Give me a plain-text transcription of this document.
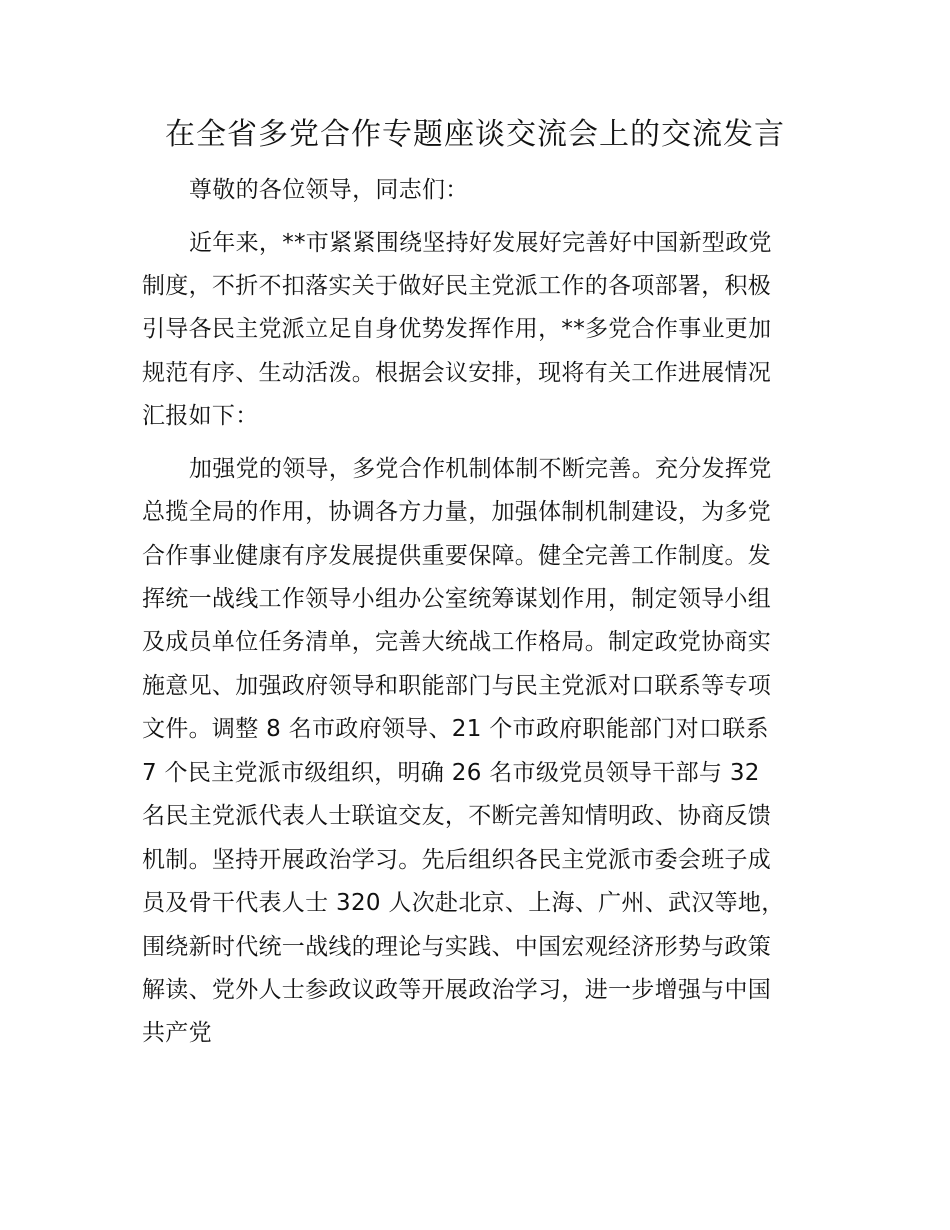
在全省多党合作专题座谈交流会上的交流发言
尊敬的各位领导，同志们：
近年来，**市紧紧围绕坚持好发展好完善好中国新型政党
制度，不折不扣落实关于做好民主党派工作的各项部署，积极
引导各民主党派立足自身优势发挥作用，**多党合作事业更加
规范有序、生动活泼。根据会议安排，现将有关工作进展情况
汇报如下：
加强党的领导，多党合作机制体制不断完善。充分发挥党
总揽全局的作用，协调各方力量，加强体制机制建设，为多党
合作事业健康有序发展提供重要保障。健全完善工作制度。发
挥统一战线工作领导小组办公室统筹谋划作用，制定领导小组
及成员单位任务清单，完善大统战工作格局。制定政党协商实
施意见、加强政府领导和职能部门与民主党派对口联系等专项
文件。调整 8 名市政府领导、21 个市政府职能部门对口联系
7 个民主党派市级组织，明确 26 名市级党员领导干部与 32
名民主党派代表人士联谊交友，不断完善知情明政、协商反馈
机制。坚持开展政治学习。先后组织各民主党派市委会班子成
员及骨干代表人士 320 人次赴北京、上海、广州、武汉等地，
围绕新时代统一战线的理论与实践、中国宏观经济形势与政策
解读、党外人士参政议政等开展政治学习，进一步增强与中国
共产党
